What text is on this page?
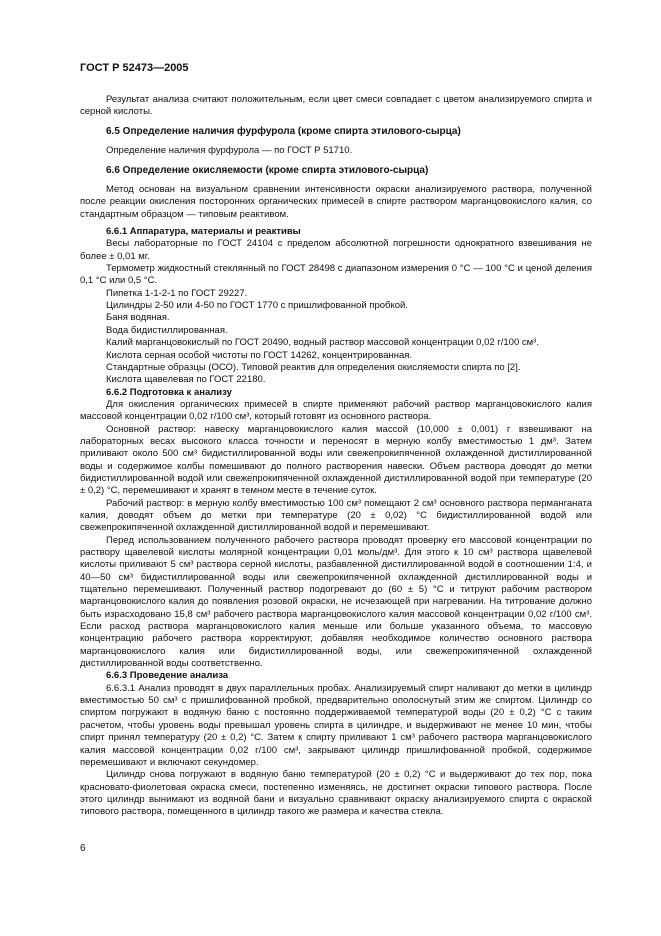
ГОСТ Р 52473—2005

Результат анализа считают положительным, если цвет смеси совпадает с цветом анализируемого спирта и серной кислоты.

6.5 Определение наличия фурфурола (кроме спирта этилового-сырца)

Определение наличия фурфурола — по ГОСТ Р 51710.

6.6 Определение окисляемости (кроме спирта этилового-сырца)

Метод основан на визуальном сравнении интенсивности окраски анализируемого раствора, полученной после реакции окисления посторонних органических примесей в спирте раствором марганцовокислого калия, со стандартным образцом — типовым реактивом.

6.6.1 Аппаратура, материалы и реактивы

Весы лабораторные по ГОСТ 24104 с пределом абсолютной погрешности однократного взвешивания не более ± 0,01 мг.

Термометр жидкостный стеклянный по ГОСТ 28498 с диапазоном измерения 0 °С — 100 °С и ценой деления 0,1 °С или 0,5 °С.

Пипетка 1-1-2-1 по ГОСТ 29227.

Цилиндры 2-50 или 4-50 по ГОСТ 1770 с пришлифованной пробкой.

Баня водяная.

Вода бидистиллированная.

Калий марганцовокислый по ГОСТ 20490, водный раствор массовой концентрации 0,02 г/100 см³.

Кислота серная особой чистоты по ГОСТ 14262, концентрированная.

Стандартные образцы (ОСО). Типовой реактив для определения окисляемости спирта по [2].

Кислота щавелевая по ГОСТ 22180.

6.6.2 Подготовка к анализу

Для окисления органических примесей в спирте применяют рабочий раствор марганцовокислого калия массовой концентрации 0,02 г/100 см³, который готовят из основного раствора.

Основной раствор: навеску марганцовокислого калия массой (10,000 ± 0,001) г взвешивают на лабораторных весах высокого класса точности и переносят в мерную колбу вместимостью 1 дм³. Затем приливают около 500 см³ бидистиллированной воды или свежепрокипяченной охлажденной дистиллированной воды и содержимое колбы помешивают до полного растворения навески. Объем раствора доводят до метки бидистиллированной водой или свежепрокипяченной охлажденной дистиллированной водой при температуре (20 ± 0,2) °С, перемешивают и хранят в темном месте в течение суток.

Рабочий раствор: в мерную колбу вместимостью 100 см³ помещают 2 см³ основного раствора перманганата калия, доводят объем до метки при температуре (20 ± 0,02) °С бидистиллированной водой или свежепрокипяченной охлажденной дистиллированной водой и перемешивают.

Перед использованием полученного рабочего раствора проводят проверку его массовой концентрации по раствору щавелевой кислоты молярной концентрации 0,01 моль/дм³. Для этого к 10 см³ раствора щавелевой кислоты приливают 5 см³ раствора серной кислоты, разбавленной дистиллированной водой в соотношении 1:4, и 40—50 см³ бидистиллированной воды или свежепрокипяченной охлажденной дистиллированной воды и тщательно перемешивают. Полученный раствор подогревают до (60 ± 5) °С и титруют рабочим раствором марганцовокислого калия до появления розовой окраски, не исчезающей при нагревании. На титрование должно быть израсходовано 15,8 см³ рабочего раствора марганцовокислого калия массовой концентрации 0,02 г/100 см³. Если расход раствора марганцовокислого калия меньше или больше указанного объема, то массовую концентрацию рабочего раствора корректируют, добавляя необходимое количество основного раствора марганцовокислого калия или бидистиллированной воды, или свежепрокипяченной охлажденной дистиллированной воды соответственно.

6.6.3 Проведение анализа

6.6.3.1 Анализ проводят в двух параллельных пробах. Анализируемый спирт наливают до метки в цилиндр вместимостью 50 см³ с пришлифованной пробкой, предварительно ополоснутый этим же спиртом. Цилиндр со спиртом погружают в водяную баню с постоянно поддерживаемой температурой воды (20 ± 0,2) °С с таким расчетом, чтобы уровень воды превышал уровень спирта в цилиндре, и выдерживают не менее 10 мин, чтобы спирт принял температуру (20 ± 0,2) °С. Затем к спирту приливают 1 см³ рабочего раствора марганцовокислого калия массовой концентрации 0,02 г/100 см³, закрывают цилиндр пришлифованной пробкой, содержимое перемешивают и включают секундомер.

Цилиндр снова погружают в водяную баню температурой (20 ± 0,2) °С и выдерживают до тех пор, пока красновато-фиолетовая окраска смеси, постепенно изменяясь, не достигнет окраски типового раствора. После этого цилиндр вынимают из водяной бани и визуально сравнивают окраску анализируемого спирта с окраской типового раствора, помещенного в цилиндр такого же размера и качества стекла.

6
